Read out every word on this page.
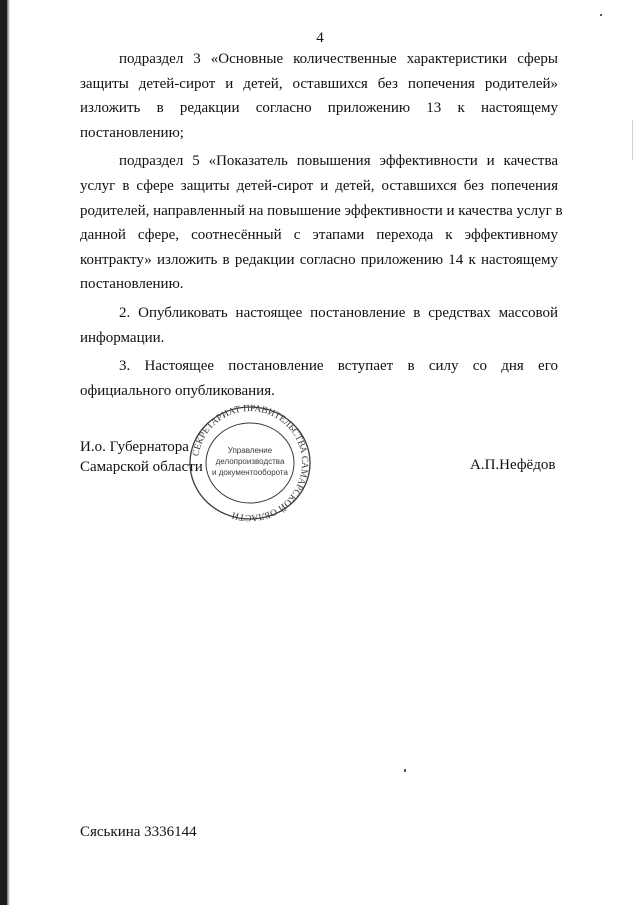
4
подраздел 3 «Основные количественные характеристики сферы
защиты детей-сирот и детей, оставшихся без попечения родителей»
изложить в редакции согласно приложению 13 к настоящему
постановлению;
подраздел 5 «Показатель повышения эффективности и качества
услуг в сфере защиты детей-сирот и детей, оставшихся без попечения
родителей, направленный на повышение эффективности и качества услуг в
данной сфере, соотнесённый с этапами перехода к эффективному
контракту» изложить в редакции согласно приложению 14 к настоящему
постановлению.
2. Опубликовать настоящее постановление в средствах массовой
информации.
3. Настоящее постановление вступает в силу со дня его
официального опубликования.
И.о. Губернатора
Самарской области
СЕКРЕТАРИАТ ПРАВИТЕЛЬСТВА САМАРСКОЙ ОБЛАСТИ
Управление
делопроизводства
и документооборота	А.П.Нефёдов
Сяськина 3336144
